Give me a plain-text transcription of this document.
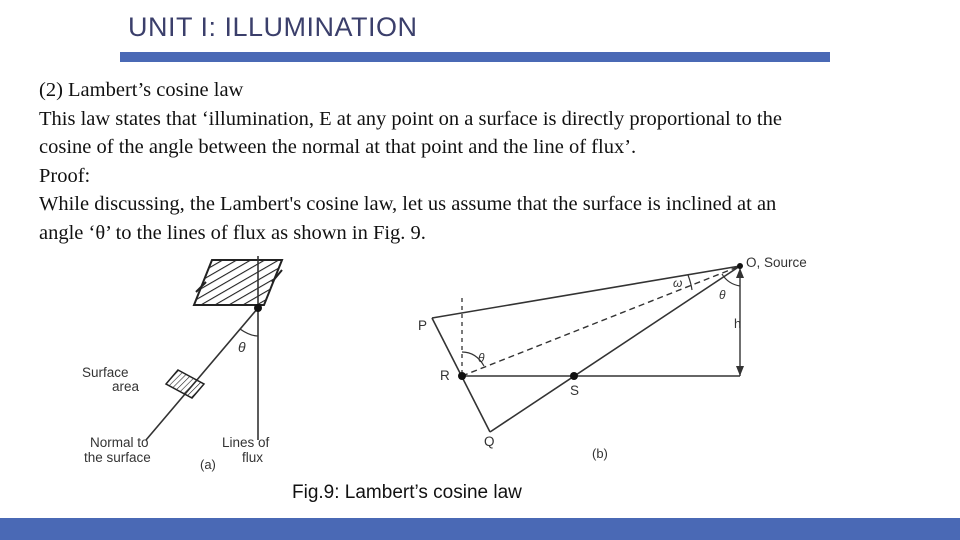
UNIT I: ILLUMINATION
(2) Lambert’s cosine law
This law states that ‘illumination, E at any point on a surface is directly proportional to the
cosine of the angle between the normal at that point and the line of flux’.
Proof:
While discussing, the Lambert's cosine law, let us assume that the surface is inclined at an
angle ‘θ’ to the lines of flux as shown in Fig. 9.
θ
Surface
area
Normal to
the surface
Lines of
flux
(a)
O, Source
ω
θ
h
P
R
θ
S
Q
(b)
Fig.9: Lambert’s cosine law
